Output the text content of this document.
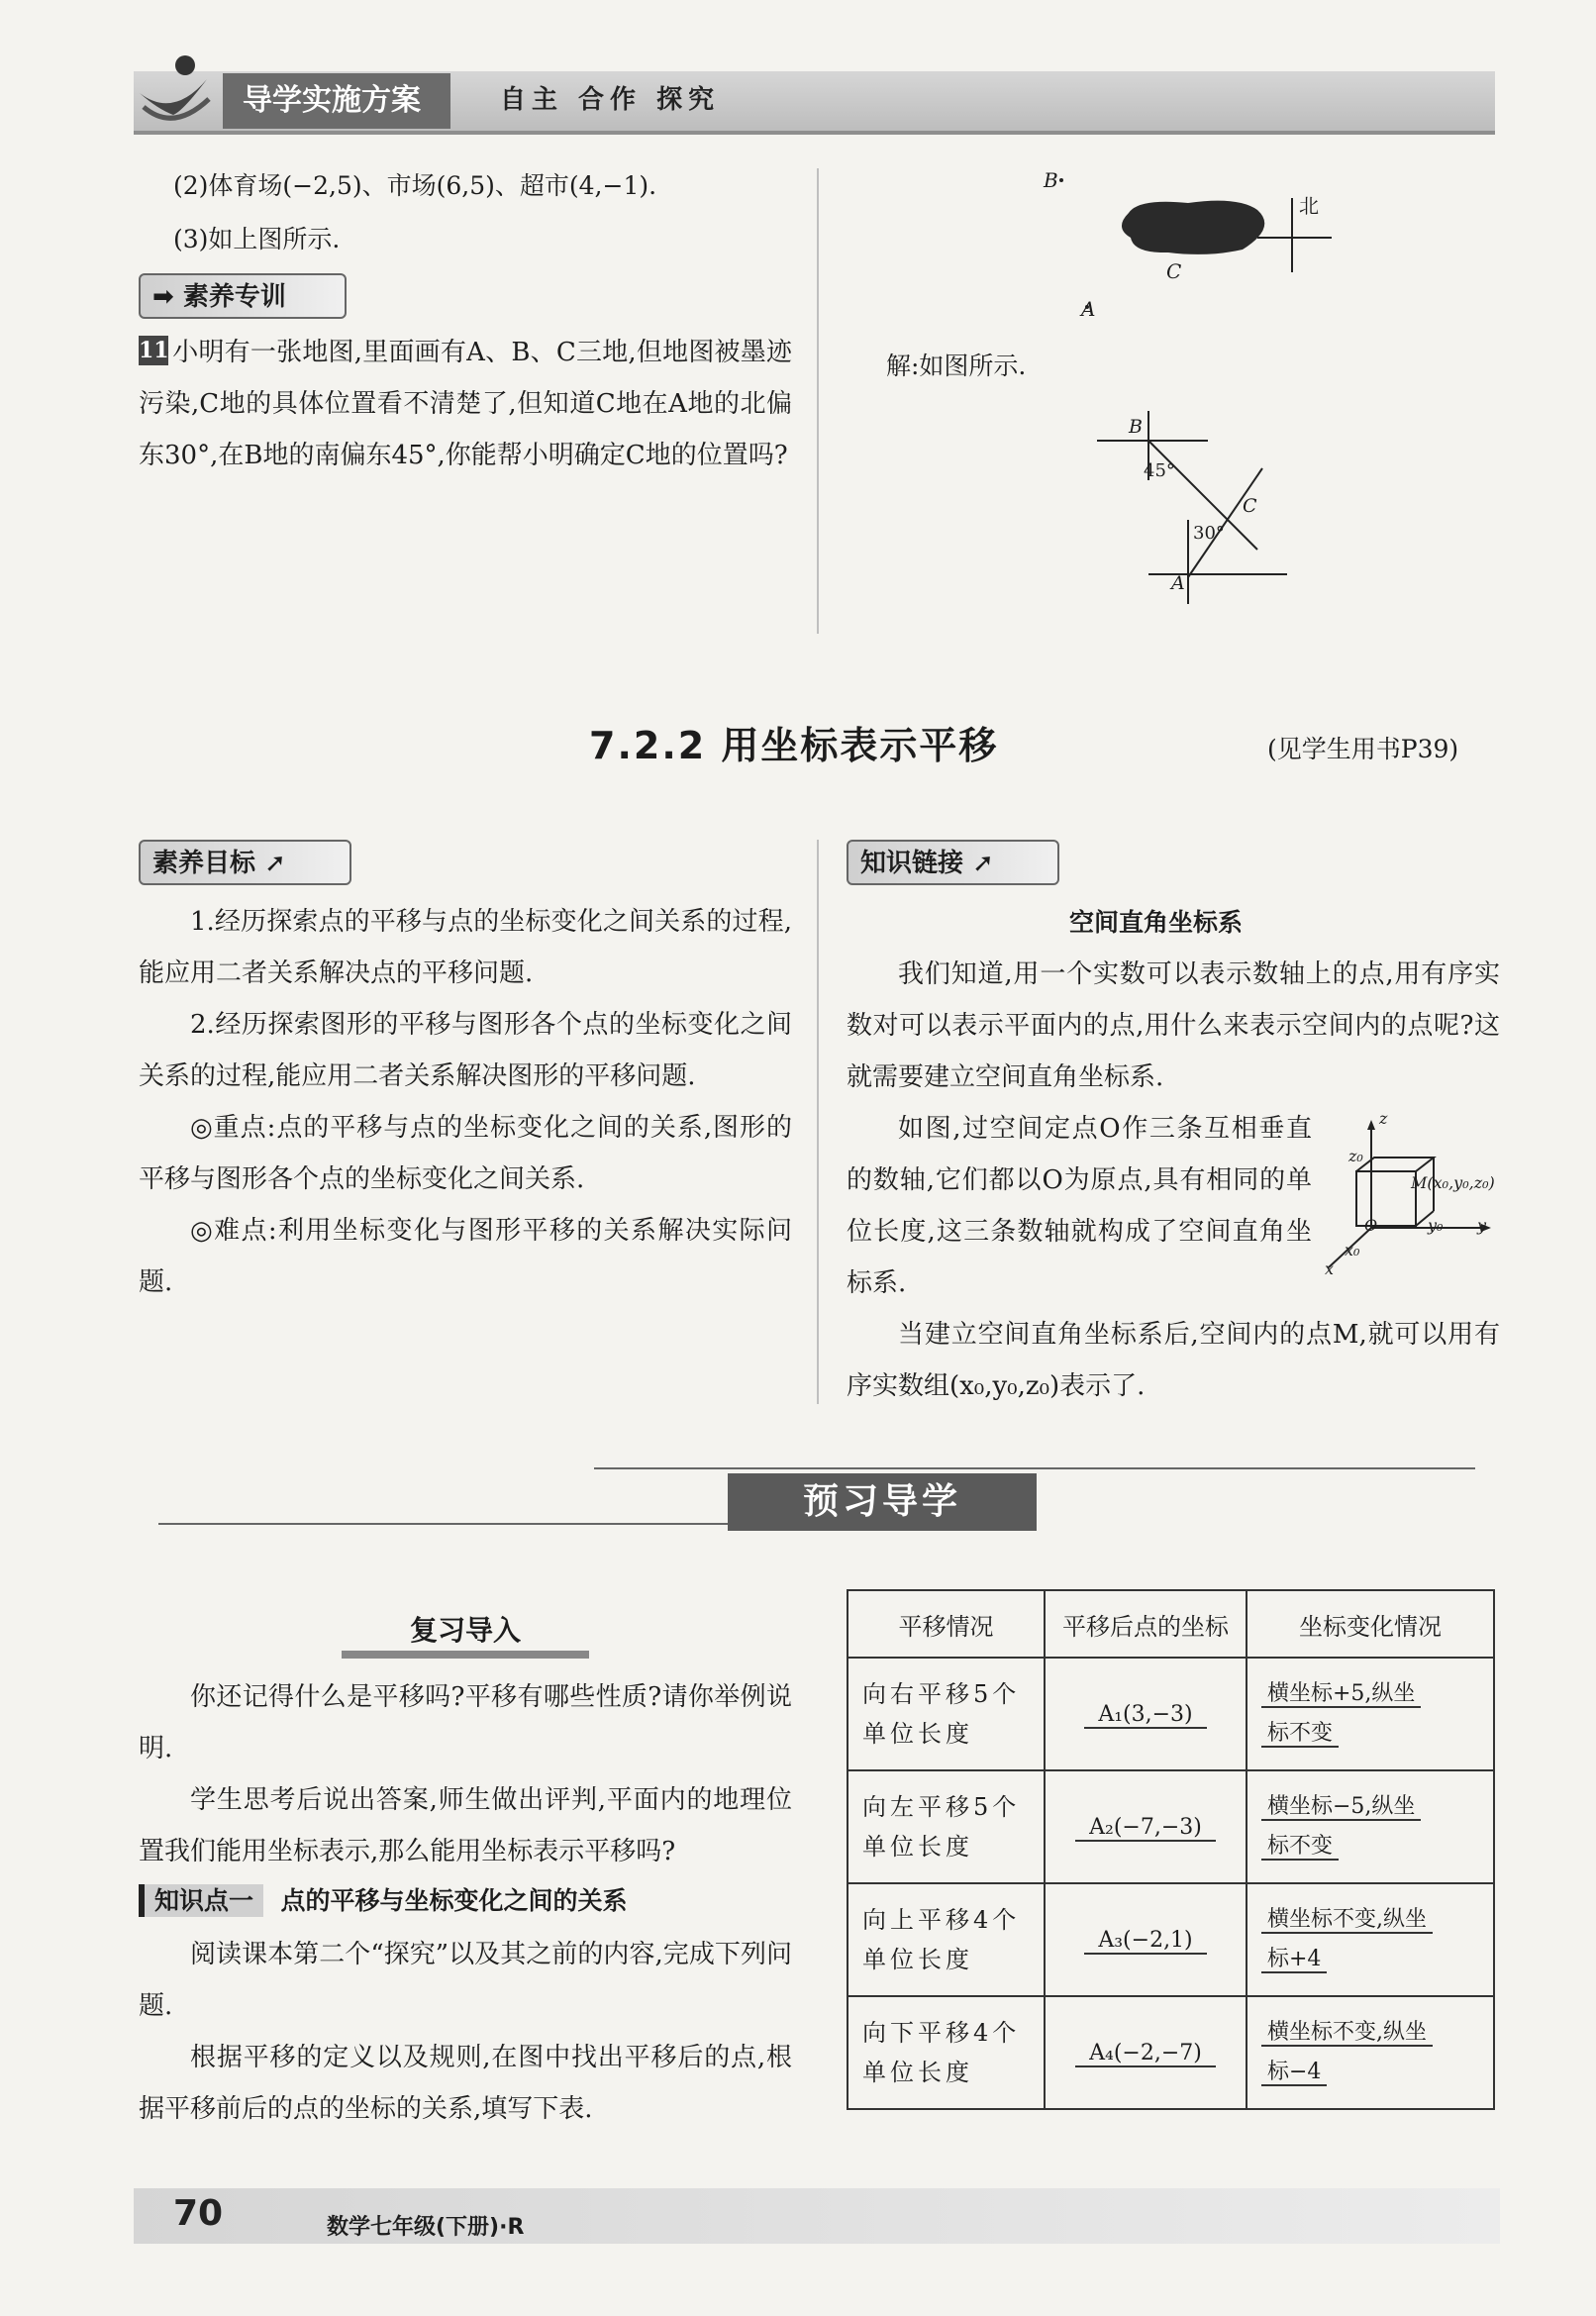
导学实施方案	自主 合作 探究
(2)体育场(−2,5)、市场(6,5)、超市(4,−1).
(3)如上图所示.
➡ 素养专训
11 小明有一张地图,里面画有A、B、C三地,但地图被墨迹污染,C地的具体位置看不清楚了,但知道C地在A地的北偏东30°,在B地的南偏东45°,你能帮小明确定C地的位置吗?
B
A
C
北
解:如图所示.
B
45°
C
30°
A
7.2.2 用坐标表示平移	(见学生用书P39)
素养目标 ➚

1.经历探索点的平移与点的坐标变化之间关系的过程,能应用二者关系解决点的平移问题.

2.经历探索图形的平移与图形各个点的坐标变化之间关系的过程,能应用二者关系解决图形的平移问题.

◎重点:点的平移与点的坐标变化之间的关系,图形的平移与图形各个点的坐标变化之间关系.

◎难点:利用坐标变化与图形平移的关系解决实际问题.

知识链接 ➚
空间直角坐标系

我们知道,用一个实数可以表示数轴上的点,用有序实数对可以表示平面内的点,用什么来表示空间内的点呢?这就需要建立空间直角坐标系.

如图,过空间定点O作三条互相垂直的数轴,它们都以O为原点,具有相同的单位长度,这三条数轴就构成了空间直角坐标系.

当建立空间直角坐标系后,空间内的点M,就可以用有序实数组(x₀,y₀,z₀)表示了.

z
z₀
M(x₀,y₀,z₀)
O	y₀ y
x₀
x
预习导学
复习导入

你还记得什么是平移吗?平移有哪些性质?请你举例说明.

学生思考后说出答案,师生做出评判,平面内的地理位置我们能用坐标表示,那么能用坐标表示平移吗?

知识点一 点的平移与坐标变化之间的关系

阅读课本第二个“探究”以及其之前的内容,完成下列问题.

根据平移的定义以及规则,在图中找出平移后的点,根据平移前后的点的坐标的关系,填写下表.

平移情况	平移后点的坐标	坐标变化情况
向右平移5个单位长度	A₁(3,−3)	横坐标+5,纵坐
标不变
向左平移5个单位长度	A₂(−7,−3)	横坐标−5,纵坐
标不变
向上平移4个单位长度	A₃(−2,1)	横坐标不变,纵坐
标+4
向下平移4个单位长度	A₄(−2,−7)	横坐标不变,纵坐
标−4
70	数学七年级(下册)·R
